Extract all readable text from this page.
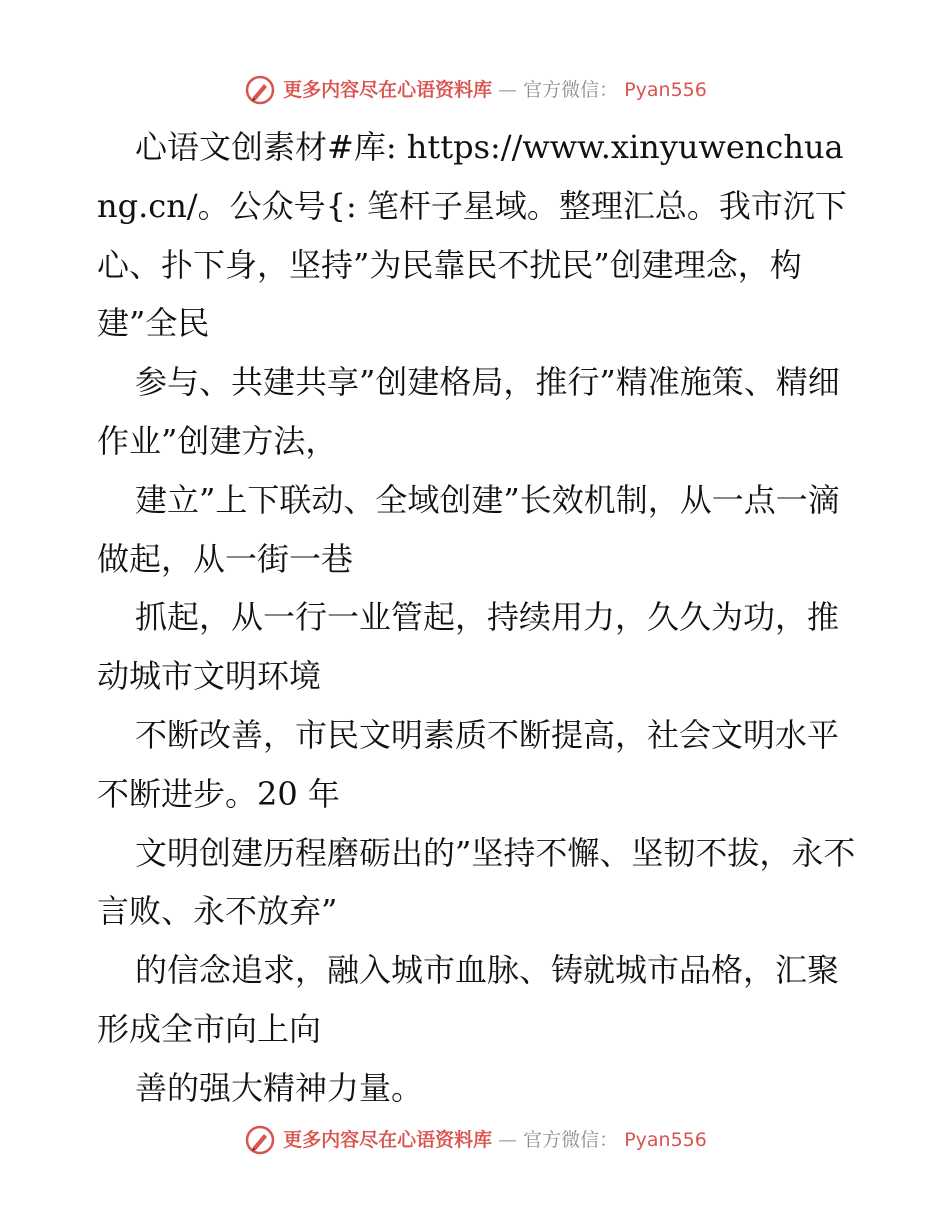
更多内容尽在心语资料库 — 官方微信： Pyan556

心语文创素材#库: https://www.xinyuwenchuang.cn/。公众号{: 笔杆子星域。整理汇总。我市沉下心、扑下身，坚持”为民靠民不扰民”创建理念，构建”全民

参与、共建共享”创建格局，推行”精准施策、精细作业”创建方法，

建立”上下联动、全域创建”长效机制，从一点一滴做起，从一街一巷

抓起，从一行一业管起，持续用力，久久为功，推动城市文明环境

不断改善，市民文明素质不断提高，社会文明水平不断进步。20 年

文明创建历程磨砺出的”坚持不懈、坚韧不拔，永不言败、永不放弃”

的信念追求，融入城市血脉、铸就城市品格，汇聚形成全市向上向

善的强大精神力量。

更多内容尽在心语资料库 — 官方微信： Pyan556
